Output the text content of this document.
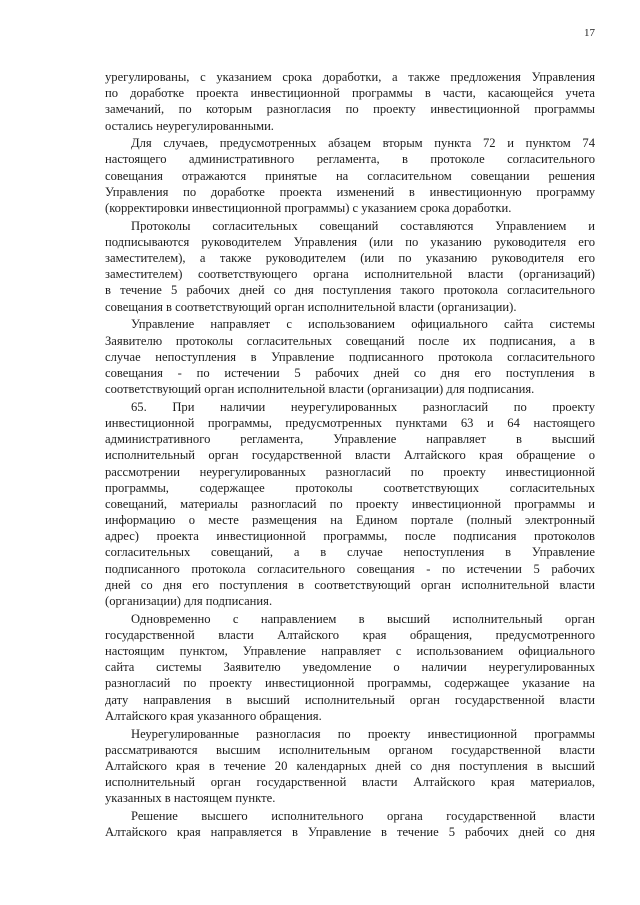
17
урегулированы, с указанием срока доработки, а также предложения Управления
по доработке проекта инвестиционной программы в части, касающейся учета
замечаний, по которым разногласия по проекту инвестиционной программы
остались неурегулированными.
Для случаев, предусмотренных абзацем вторым пункта 72 и пунктом 74
настоящего административного регламента, в протоколе согласительного
совещания отражаются принятые на согласительном совещании решения
Управления по доработке проекта изменений в инвестиционную программу
(корректировки инвестиционной программы) с указанием срока доработки.
Протоколы согласительных совещаний составляются Управлением и
подписываются руководителем Управления (или по указанию руководителя его
заместителем), а также руководителем (или по указанию руководителя его
заместителем) соответствующего органа исполнительной власти (организаций)
в течение 5 рабочих дней со дня поступления такого протокола согласительного
совещания в соответствующий орган исполнительной власти (организации).
Управление направляет с использованием официального сайта системы
Заявителю протоколы согласительных совещаний после их подписания, а в
случае непоступления в Управление подписанного протокола согласительного
совещания - по истечении 5 рабочих дней со дня его поступления в
соответствующий орган исполнительной власти (организации) для подписания.
65. При наличии неурегулированных разногласий по проекту
инвестиционной программы, предусмотренных пунктами 63 и 64 настоящего
административного регламента, Управление направляет в высший
исполнительный орган государственной власти Алтайского края обращение о
рассмотрении неурегулированных разногласий по проекту инвестиционной
программы, содержащее протоколы соответствующих согласительных
совещаний, материалы разногласий по проекту инвестиционной программы и
информацию о месте размещения на Едином портале (полный электронный
адрес) проекта инвестиционной программы, после подписания протоколов
согласительных совещаний, а в случае непоступления в Управление
подписанного протокола согласительного совещания - по истечении 5 рабочих
дней со дня его поступления в соответствующий орган исполнительной власти
(организации) для подписания.
Одновременно с направлением в высший исполнительный орган
государственной власти Алтайского края обращения, предусмотренного
настоящим пунктом, Управление направляет с использованием официального
сайта системы Заявителю уведомление о наличии неурегулированных
разногласий по проекту инвестиционной программы, содержащее указание на
дату направления в высший исполнительный орган государственной власти
Алтайского края указанного обращения.
Неурегулированные разногласия по проекту инвестиционной программы
рассматриваются высшим исполнительным органом государственной власти
Алтайского края в течение 20 календарных дней со дня поступления в высший
исполнительный орган государственной власти Алтайского края материалов,
указанных в настоящем пункте.
Решение высшего исполнительного органа государственной власти
Алтайского края направляется в Управление в течение 5 рабочих дней со дня
